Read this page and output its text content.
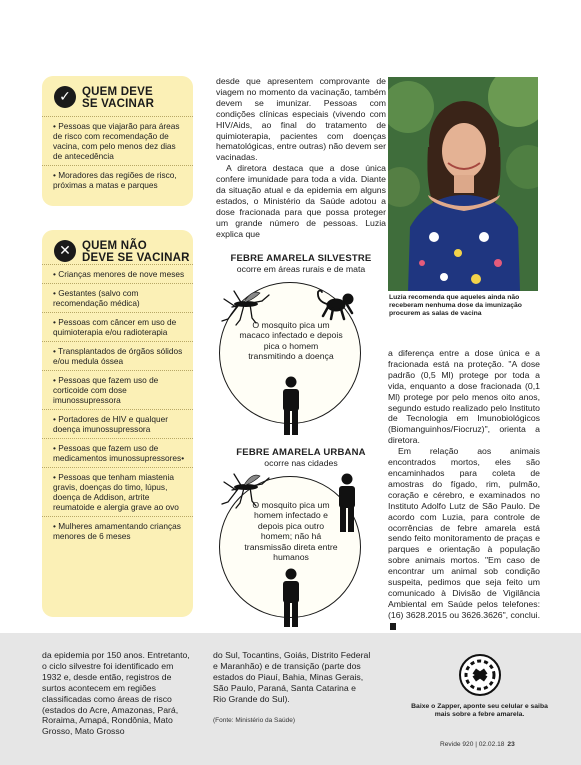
✓ QUEM DEVE
SE VACINAR
• Pessoas que viajarão para áreas de risco com recomendação de vacina, com pelo menos dez dias de antecedência
• Moradores das regiões de risco, próximas a matas e parques
✕ QUEM NÃO
DEVE SE VACINAR
• Crianças menores de nove meses
• Gestantes (salvo com recomendação médica)
• Pessoas com câncer em uso de quimioterapia e/ou radioterapia
• Transplantados de órgãos sólidos e/ou medula óssea
• Pessoas que fazem uso de corticoide com dose imunossupressora
• Portadores de HIV e qualquer doença imunossupressora
• Pessoas que fazem uso de medicamentos imunossupressores•
• Pessoas que tenham miastenia gravis, doenças do timo, lúpus, doença de Addison, artrite reumatoide e alergia grave ao ovo
• Mulheres amamentando crianças menores de 6 meses

desde que apresentem comprovante de viagem no momento da vacinação, também devem se imunizar. Pessoas com condições clínicas especiais (vivendo com HIV/Aids, ao final do tratamento de quimioterapia, pacientes com doenças hematológicas, entre outras) não devem ser vacinadas.

A diretora destaca que a dose única confere imunidade para toda a vida. Diante da situação atual e da epidemia em alguns estados, o Ministério da Saúde adotou a dose fracionada para que possa proteger um grande número de pessoas. Luzia explica que

Luzia recomenda que aqueles ainda não receberam nenhuma dose da imunização procurem as salas de vacina
FEBRE AMARELA SILVESTRE
ocorre em áreas rurais e de mata
O mosquito pica um macaco infectado e depois pica o homem transmitindo a doença
FEBRE AMARELA URBANA
ocorre nas cidades
O mosquito pica um homem infectado e depois pica outro homem; não há transmissão direta entre humanos

a diferença entre a dose única e a fracionada está na proteção. "A dose padrão (0,5 Ml) protege por toda a vida, enquanto a dose fracionada (0,1 Ml) protege por pelo menos oito anos, segundo estudo realizado pelo Instituto de Tecnologia em Imunobiológicos (Biomanguinhos/Fiocruz)", orienta a diretora.

Em relação aos animais encontrados mortos, eles são encaminhados para coleta de amostras do fígado, rim, pulmão, coração e cérebro, e examinados no Instituto Adolfo Lutz de São Paulo. De acordo com Luzia, para controle de ocorrências de febre amarela está sendo feito monitoramento de praças e parques e orientação à população sobre animais mortos. "Em caso de encontrar um animal sob condição suspeita, pedimos que seja feito um comunicado à Divisão de Vigilância Ambiental em Saúde pelos telefones: (16) 3628.2015 ou 3626.3626", conclui.

da epidemia por 150 anos. Entretanto, o ciclo silvestre foi identificado em 1932 e, desde então, registros de surtos acontecem em regiões classificadas como áreas de risco (estados do Acre, Amazonas, Pará, Roraima, Amapá, Rondônia, Mato Grosso, Mato Grosso
do Sul, Tocantins, Goiás, Distrito Federal e Maranhão) e de transição (parte dos estados do Piauí, Bahia, Minas Gerais, São Paulo, Paraná, Santa Catarina e Rio Grande do Sul).
(Fonte: Ministério da Saúde)
Baixe o Zapper, aponte seu celular e saiba mais sobre a febre amarela.
Revide 920 | 02.02.18 23
